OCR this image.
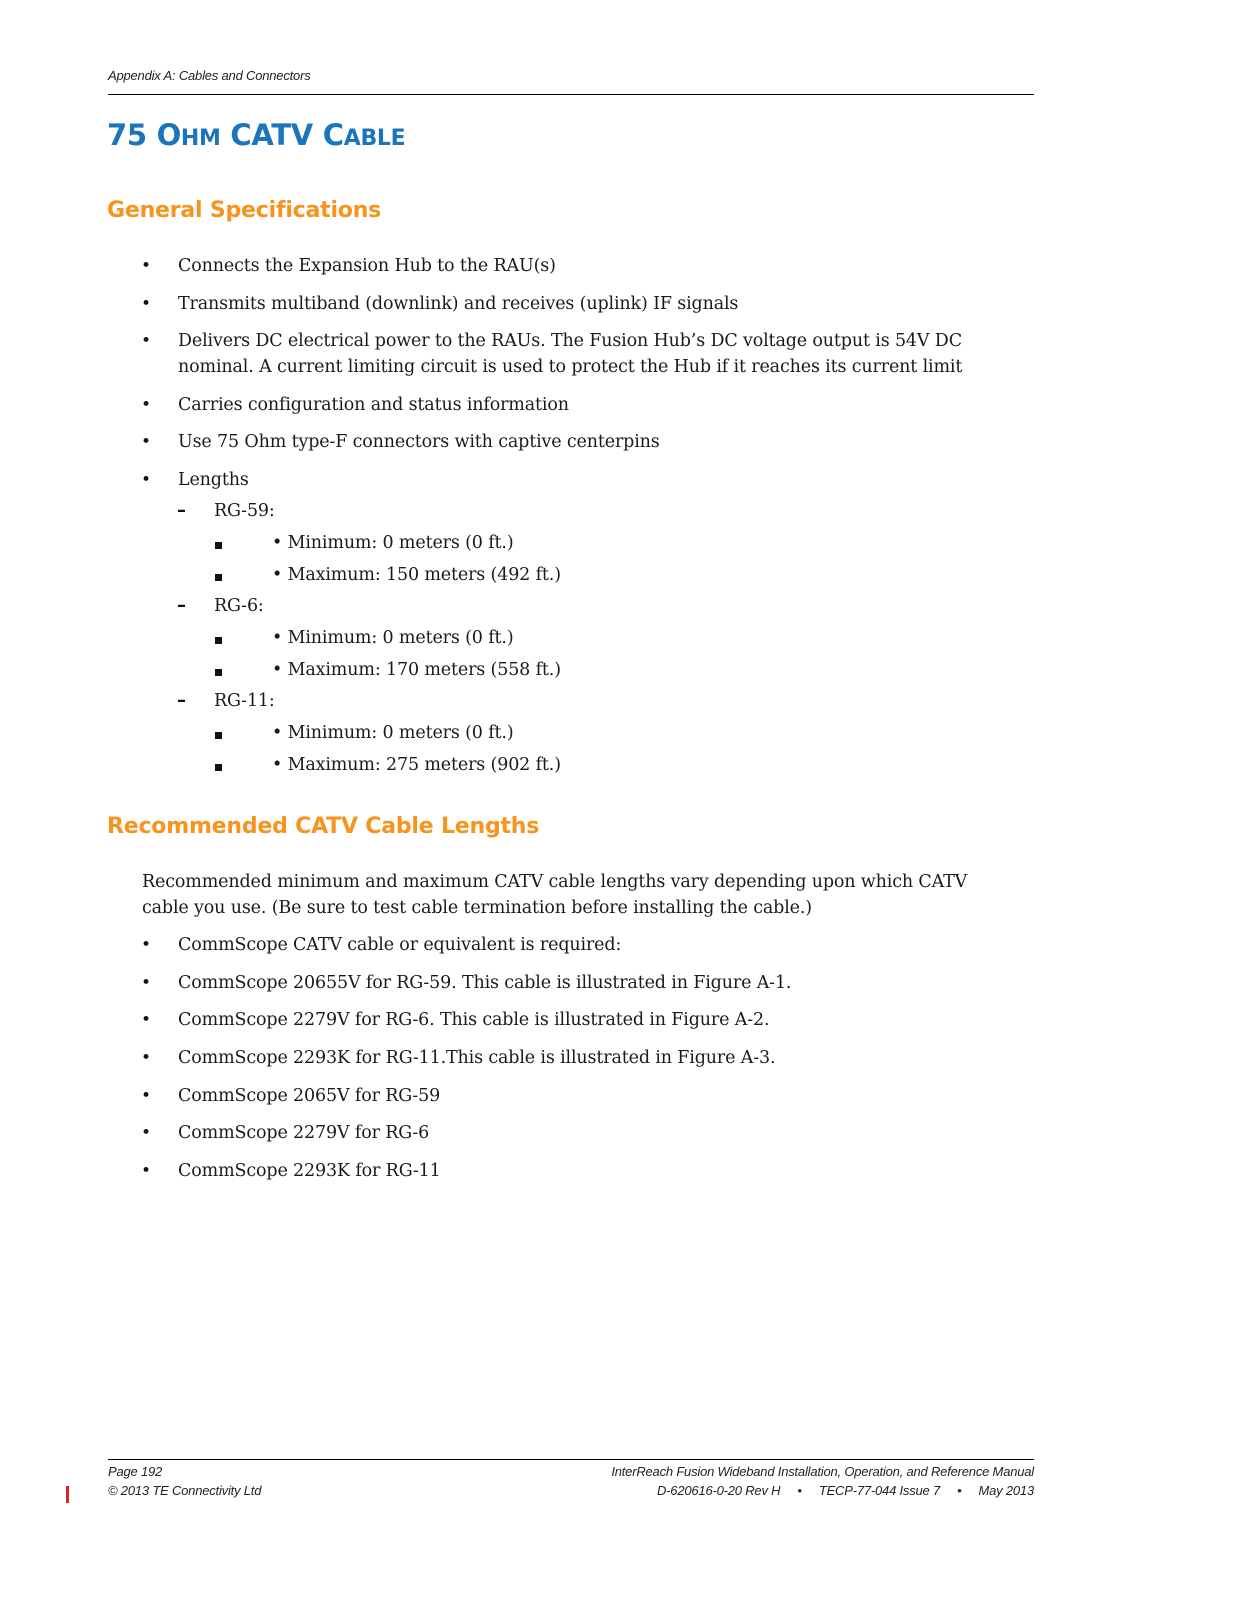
Appendix A: Cables and Connectors
75 OHM CATV CABLE
General Specifications
• Connects the Expansion Hub to the RAU(s)
• Transmits multiband (downlink) and receives (uplink) IF signals
• Delivers DC electrical power to the RAUs. The Fusion Hub’s DC voltage output is 54V DC
nominal. A current limiting circuit is used to protect the Hub if it reaches its current limit
• Carries configuration and status information
• Use 75 Ohm type-F connectors with captive centerpins
• Lengths
– RG-59:
• Minimum: 0 meters (0 ft.)
• Maximum: 150 meters (492 ft.)
– RG-6:
• Minimum: 0 meters (0 ft.)
• Maximum: 170 meters (558 ft.)
– RG-11:
• Minimum: 0 meters (0 ft.)
• Maximum: 275 meters (902 ft.)
Recommended CATV Cable Lengths
Recommended minimum and maximum CATV cable lengths vary depending upon which CATV
cable you use. (Be sure to test cable termination before installing the cable.)
• CommScope CATV cable or equivalent is required:
• CommScope 20655V for RG-59. This cable is illustrated in Figure A-1.
• CommScope 2279V for RG-6. This cable is illustrated in Figure A-2.
• CommScope 2293K for RG-11.This cable is illustrated in Figure A-3.
• CommScope 2065V for RG-59
• CommScope 2279V for RG-6
• CommScope 2293K for RG-11
Page 192
© 2013 TE Connectivity Ltd
InterReach Fusion Wideband Installation, Operation, and Reference Manual
D-620616-0-20 Rev H     •     TECP-77-044 Issue 7     •     May 2013
